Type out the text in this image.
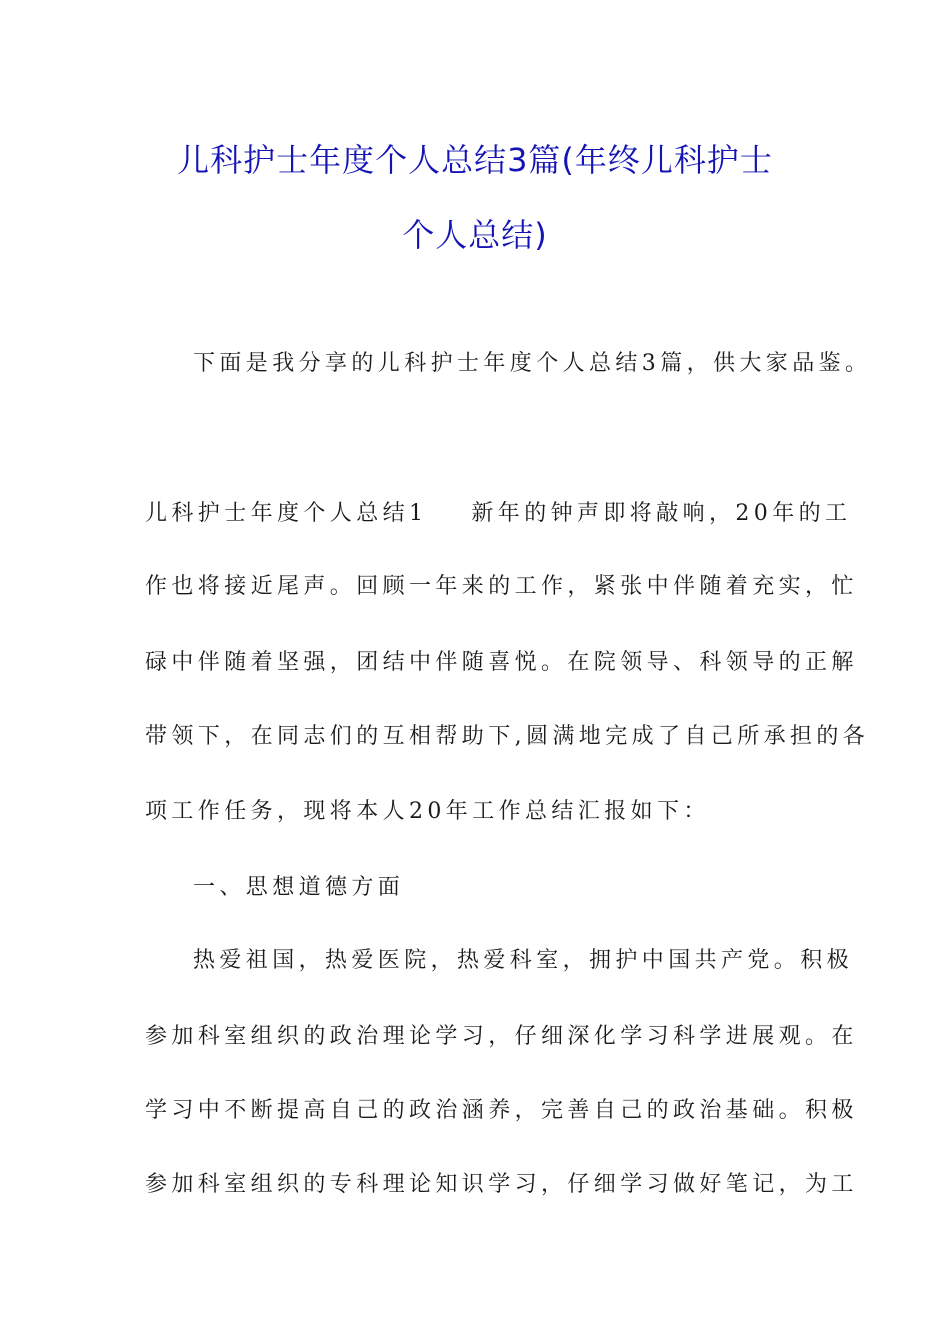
儿科护士年度个人总结3篇(年终儿科护士
个人总结)

下面是我分享的儿科护士年度个人总结3篇，供大家品鉴。

儿科护士年度个人总结1 新年的钟声即将敲响，20年的工

作也将接近尾声。回顾一年来的工作，紧张中伴随着充实，忙

碌中伴随着坚强，团结中伴随喜悦。在院领导、科领导的正解

带领下，在同志们的互相帮助下,圆满地完成了自己所承担的各

项工作任务，现将本人20年工作总结汇报如下：

一、思想道德方面

热爱祖国，热爱医院，热爱科室，拥护中国共产党。积极

参加科室组织的政治理论学习，仔细深化学习科学进展观。在

学习中不断提高自己的政治涵养，完善自己的政治基础。积极

参加科室组织的专科理论知识学习，仔细学习做好笔记，为工
